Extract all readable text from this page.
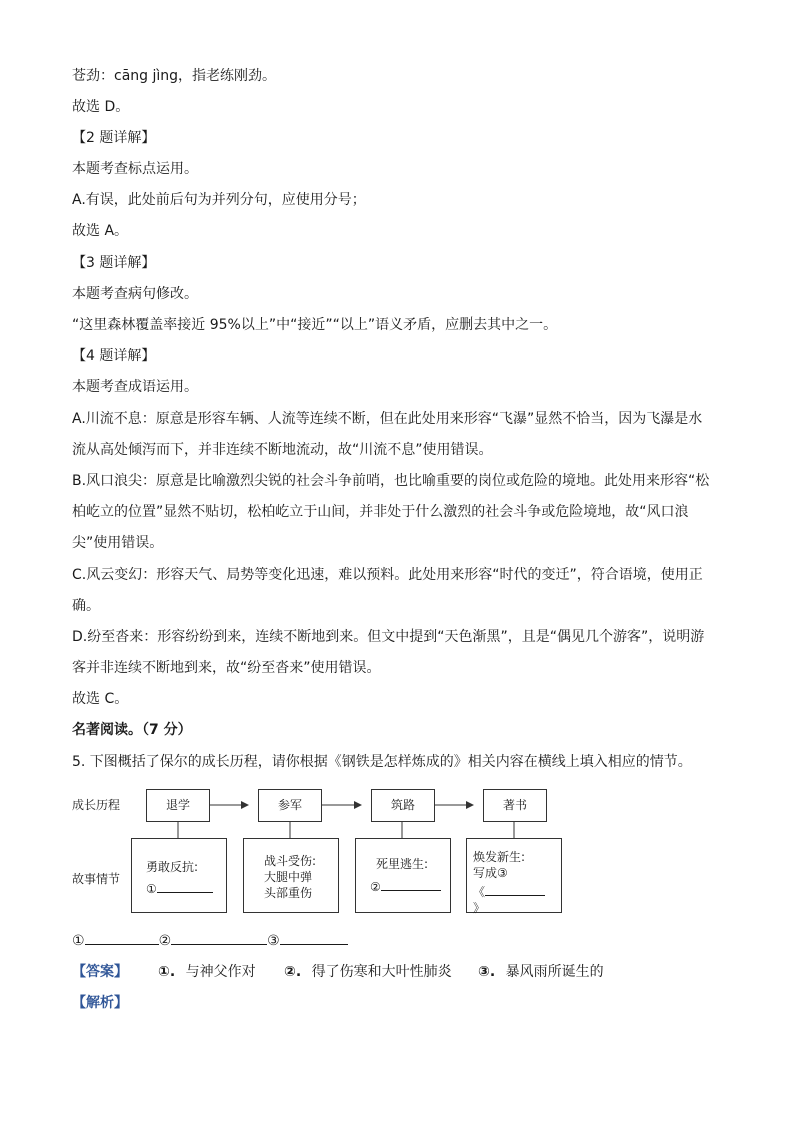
苍劲：cāng jìng，指老练刚劲。
故选 D。
【2 题详解】
本题考查标点运用。
A.有误，此处前后句为并列分句，应使用分号；
故选 A。
【3 题详解】
本题考查病句修改。
“这里森林覆盖率接近 95%以上”中“接近”“以上”语义矛盾，应删去其中之一。
【4 题详解】
本题考查成语运用。
A.川流不息：原意是形容车辆、人流等连续不断，但在此处用来形容“飞瀑”显然不恰当，因为飞瀑是水
流从高处倾泻而下，并非连续不断地流动，故“川流不息”使用错误。
B.风口浪尖：原意是比喻激烈尖锐的社会斗争前哨，也比喻重要的岗位或危险的境地。此处用来形容“松
柏屹立的位置”显然不贴切，松柏屹立于山间，并非处于什么激烈的社会斗争或危险境地，故“风口浪
尖”使用错误。
C.风云变幻：形容天气、局势等变化迅速，难以预料。此处用来形容“时代的变迁”，符合语境，使用正
确。
D.纷至沓来：形容纷纷到来，连续不断地到来。但文中提到“天色渐黑”，且是“偶见几个游客”，说明游
客并非连续不断地到来，故“纷至沓来”使用错误。
故选 C。
名著阅读。（7 分）
5. 下图概括了保尔的成长历程，请你根据《钢铁是怎样炼成的》相关内容在横线上填入相应的情节。
成长历程
故事情节
退学	参军	筑路	著书
勇敢反抗:
①
战斗受伤:
大腿中弹
头部重伤
死里逃生:
②
焕发新生:
写成③
《》
①	②	③
【答案】 ①. 与神父作对 ②. 得了伤寒和大叶性肺炎 ③. 暴风雨所诞生的
【解析】
